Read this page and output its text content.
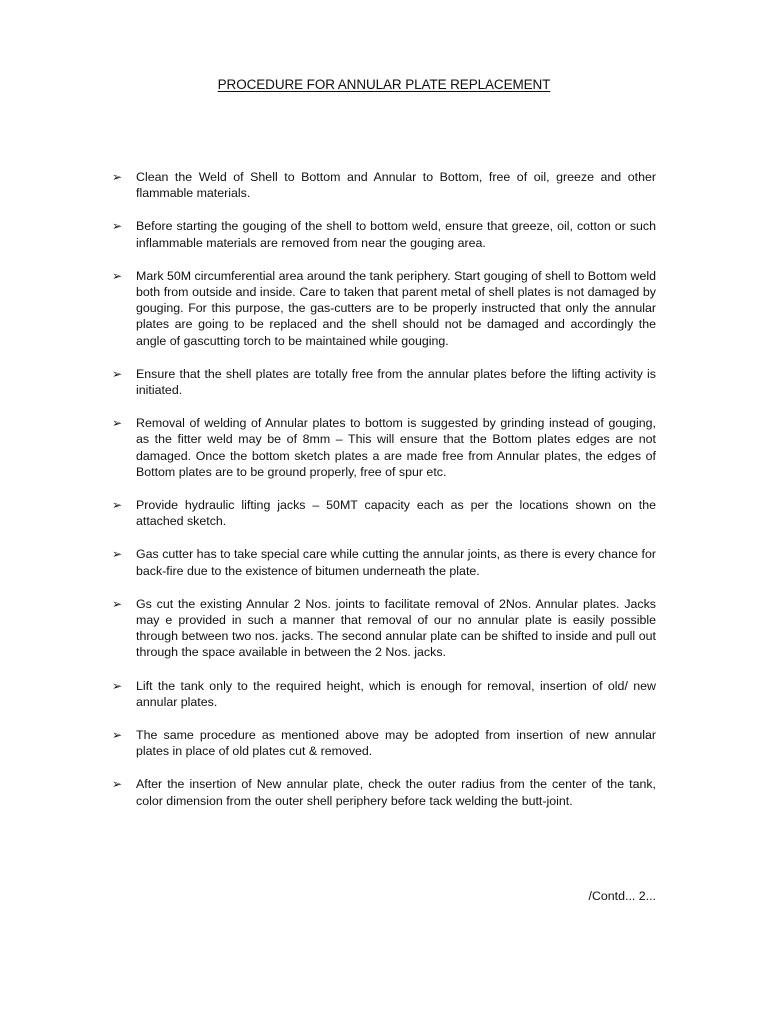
PROCEDURE FOR ANNULAR PLATE REPLACEMENT
➢ Clean the Weld of Shell to Bottom and Annular to Bottom, free of oil, greeze and other flammable materials.
➢ Before starting the gouging of the shell to bottom weld, ensure that greeze, oil, cotton or such inflammable materials are removed from near the gouging area.
➢ Mark 50M circumferential area around the tank periphery. Start gouging of shell to Bottom weld both from outside and inside. Care to taken that parent metal of shell plates is not damaged by gouging. For this purpose, the gas-cutters are to be properly instructed that only the annular plates are going to be replaced and the shell should not be damaged and accordingly the angle of gascutting torch to be maintained while gouging.
➢ Ensure that the shell plates are totally free from the annular plates before the lifting activity is initiated.
➢ Removal of welding of Annular plates to bottom is suggested by grinding instead of gouging, as the fitter weld may be of 8mm – This will ensure that the Bottom plates edges are not damaged. Once the bottom sketch plates a are made free from Annular plates, the edges of Bottom plates are to be ground properly, free of spur etc.
➢ Provide hydraulic lifting jacks – 50MT capacity each as per the locations shown on the attached sketch.
➢ Gas cutter has to take special care while cutting the annular joints, as there is every chance for back-fire due to the existence of bitumen underneath the plate.
➢ Gs cut the existing Annular 2 Nos. joints to facilitate removal of 2Nos. Annular plates. Jacks may e provided in such a manner that removal of our no annular plate is easily possible through between two nos. jacks. The second annular plate can be shifted to inside and pull out through the space available in between the 2 Nos. jacks.
➢ Lift the tank only to the required height, which is enough for removal, insertion of old/ new annular plates.
➢ The same procedure as mentioned above may be adopted from insertion of new annular plates in place of old plates cut & removed.
➢ After the insertion of New annular plate, check the outer radius from the center of the tank, color dimension from the outer shell periphery before tack welding the butt-joint.
/Contd... 2...
